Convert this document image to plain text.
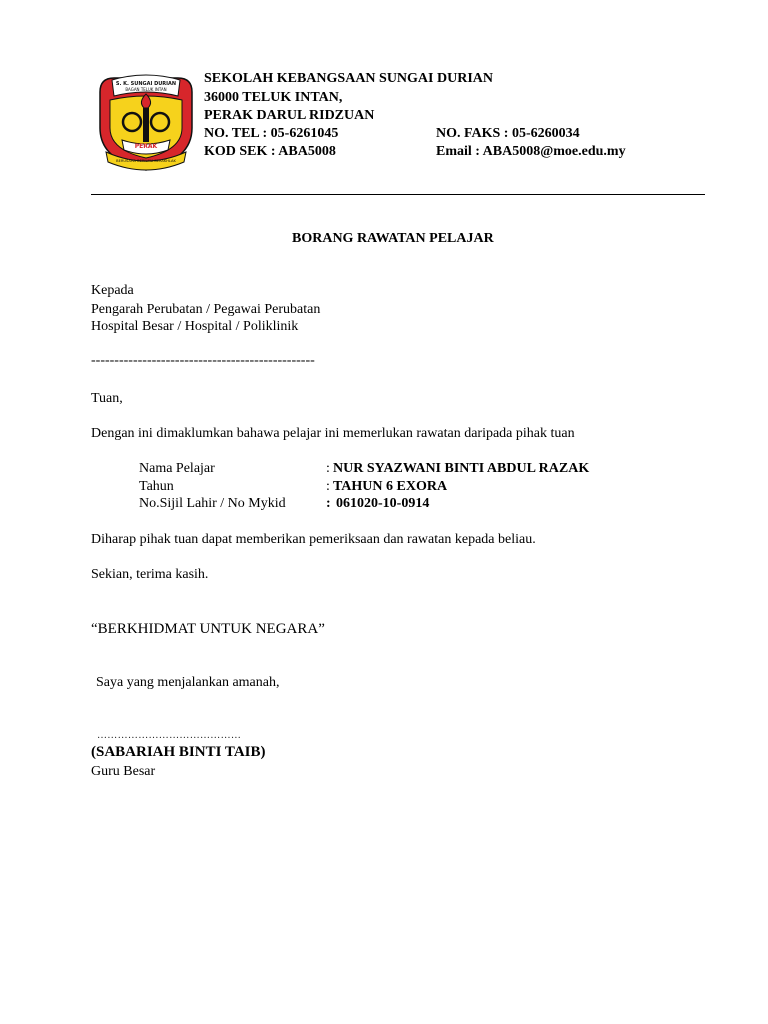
S. K. SUNGAI DURIAN
BAGAN TELUK INTAN
PERAK
BERUSAHA BERILMU BERAKHLAK
SEKOLAH KEBANGSAAN SUNGAI DURIAN
36000 TELUK INTAN,
PERAK DARUL RIDZUAN
NO. TEL : 05-6261045	NO. FAKS : 05-6260034
KOD SEK : ABA5008	Email : ABA5008@moe.edu.my
BORANG RAWATAN PELAJAR
Kepada
Pengarah Perubatan / Pegawai Perubatan
Hospital Besar / Hospital / Poliklinik
------------------------------------------------
Tuan,
Dengan ini dimaklumkan bahawa pelajar ini memerlukan rawatan daripada pihak tuan
Nama Pelajar	: NUR SYAZWANI BINTI ABDUL RAZAK
Tahun	: TAHUN 6 EXORA
No.Sijil Lahir / No Mykid	: 061020-10-0914
Diharap pihak tuan dapat memberikan pemeriksaan dan rawatan kepada beliau.
Sekian, terima kasih.
“BERKHIDMAT UNTUK NEGARA”
Saya yang menjalankan amanah,
……………………………………
(SABARIAH BINTI TAIB)
Guru Besar
